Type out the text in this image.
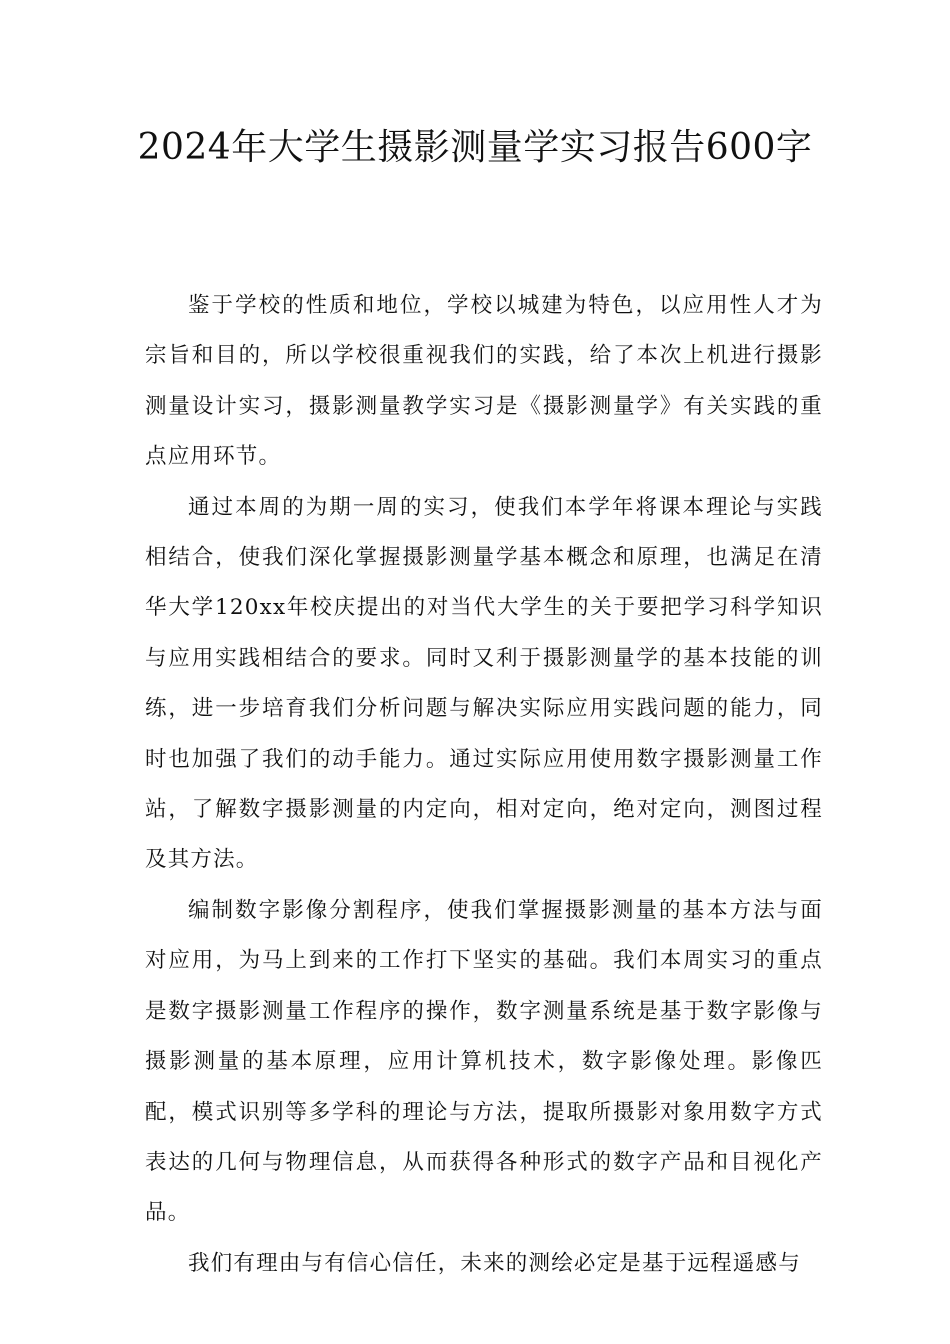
2024年大学生摄影测量学实习报告600字

鉴于学校的性质和地位，学校以城建为特色，以应用性人才为宗旨和目的，所以学校很重视我们的实践，给了本次上机进行摄影测量设计实习，摄影测量教学实习是《摄影测量学》有关实践的重点应用环节。

通过本周的为期一周的实习，使我们本学年将课本理论与实践相结合，使我们深化掌握摄影测量学基本概念和原理，也满足在清华大学120xx年校庆提出的对当代大学生的关于要把学习科学知识与应用实践相结合的要求。同时又利于摄影测量学的基本技能的训练，进一步培育我们分析问题与解决实际应用实践问题的能力，同时也加强了我们的动手能力。通过实际应用使用数字摄影测量工作站，了解数字摄影测量的内定向，相对定向，绝对定向，测图过程及其方法。

编制数字影像分割程序，使我们掌握摄影测量的基本方法与面对应用，为马上到来的工作打下坚实的基础。我们本周实习的重点是数字摄影测量工作程序的操作，数字测量系统是基于数字影像与摄影测量的基本原理，应用计算机技术，数字影像处理。影像匹配，模式识别等多学科的理论与方法，提取所摄影对象用数字方式表达的几何与物理信息，从而获得各种形式的数字产品和目视化产品。

我们有理由与有信心信任，未来的测绘必定是基于远程遥感与
